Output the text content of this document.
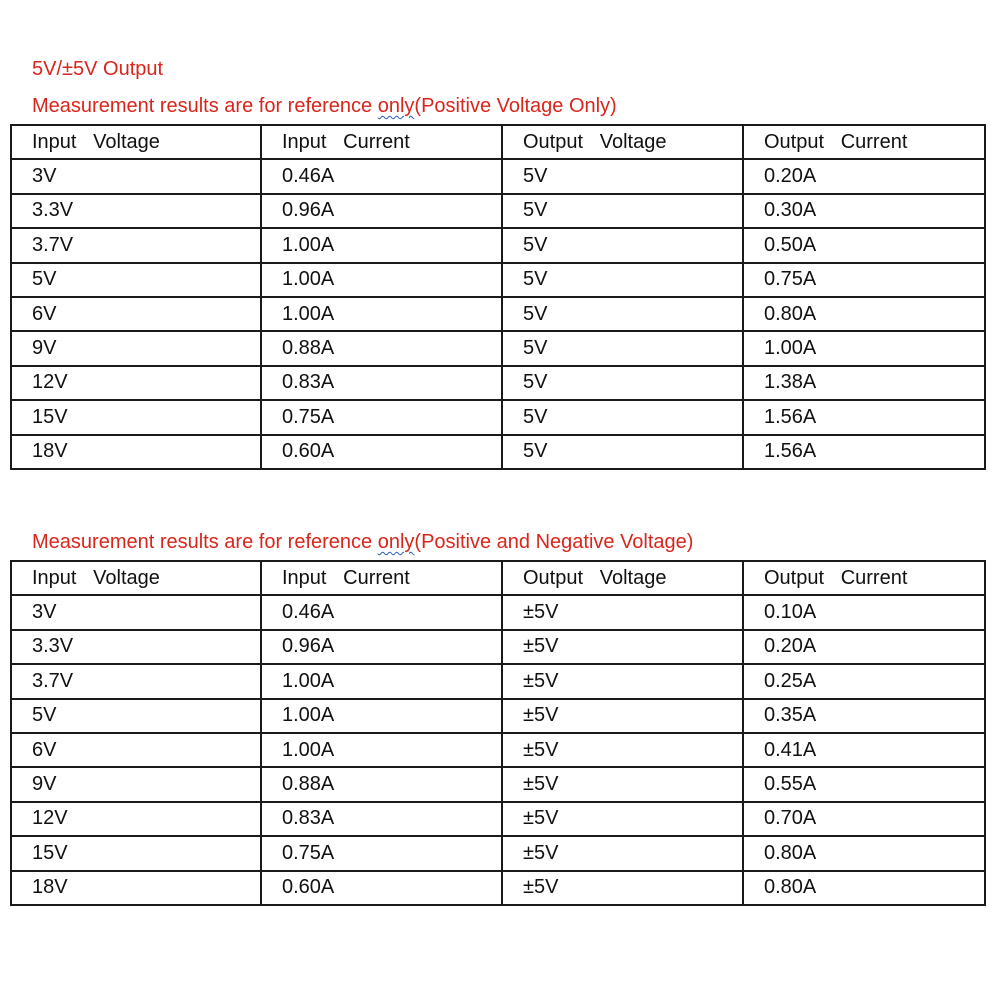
5V/±5V Output
Measurement results are for reference only(Positive Voltage Only)
Input   Voltage	Input   Current	Output   Voltage	Output   Current
3V	0.46A	5V	0.20A
3.3V	0.96A	5V	0.30A
3.7V	1.00A	5V	0.50A
5V	1.00A	5V	0.75A
6V	1.00A	5V	0.80A
9V	0.88A	5V	1.00A
12V	0.83A	5V	1.38A
15V	0.75A	5V	1.56A
18V	0.60A	5V	1.56A
Measurement results are for reference only(Positive and Negative Voltage)
Input   Voltage	Input   Current	Output   Voltage	Output   Current
3V	0.46A	±5V	0.10A
3.3V	0.96A	±5V	0.20A
3.7V	1.00A	±5V	0.25A
5V	1.00A	±5V	0.35A
6V	1.00A	±5V	0.41A
9V	0.88A	±5V	0.55A
12V	0.83A	±5V	0.70A
15V	0.75A	±5V	0.80A
18V	0.60A	±5V	0.80A
